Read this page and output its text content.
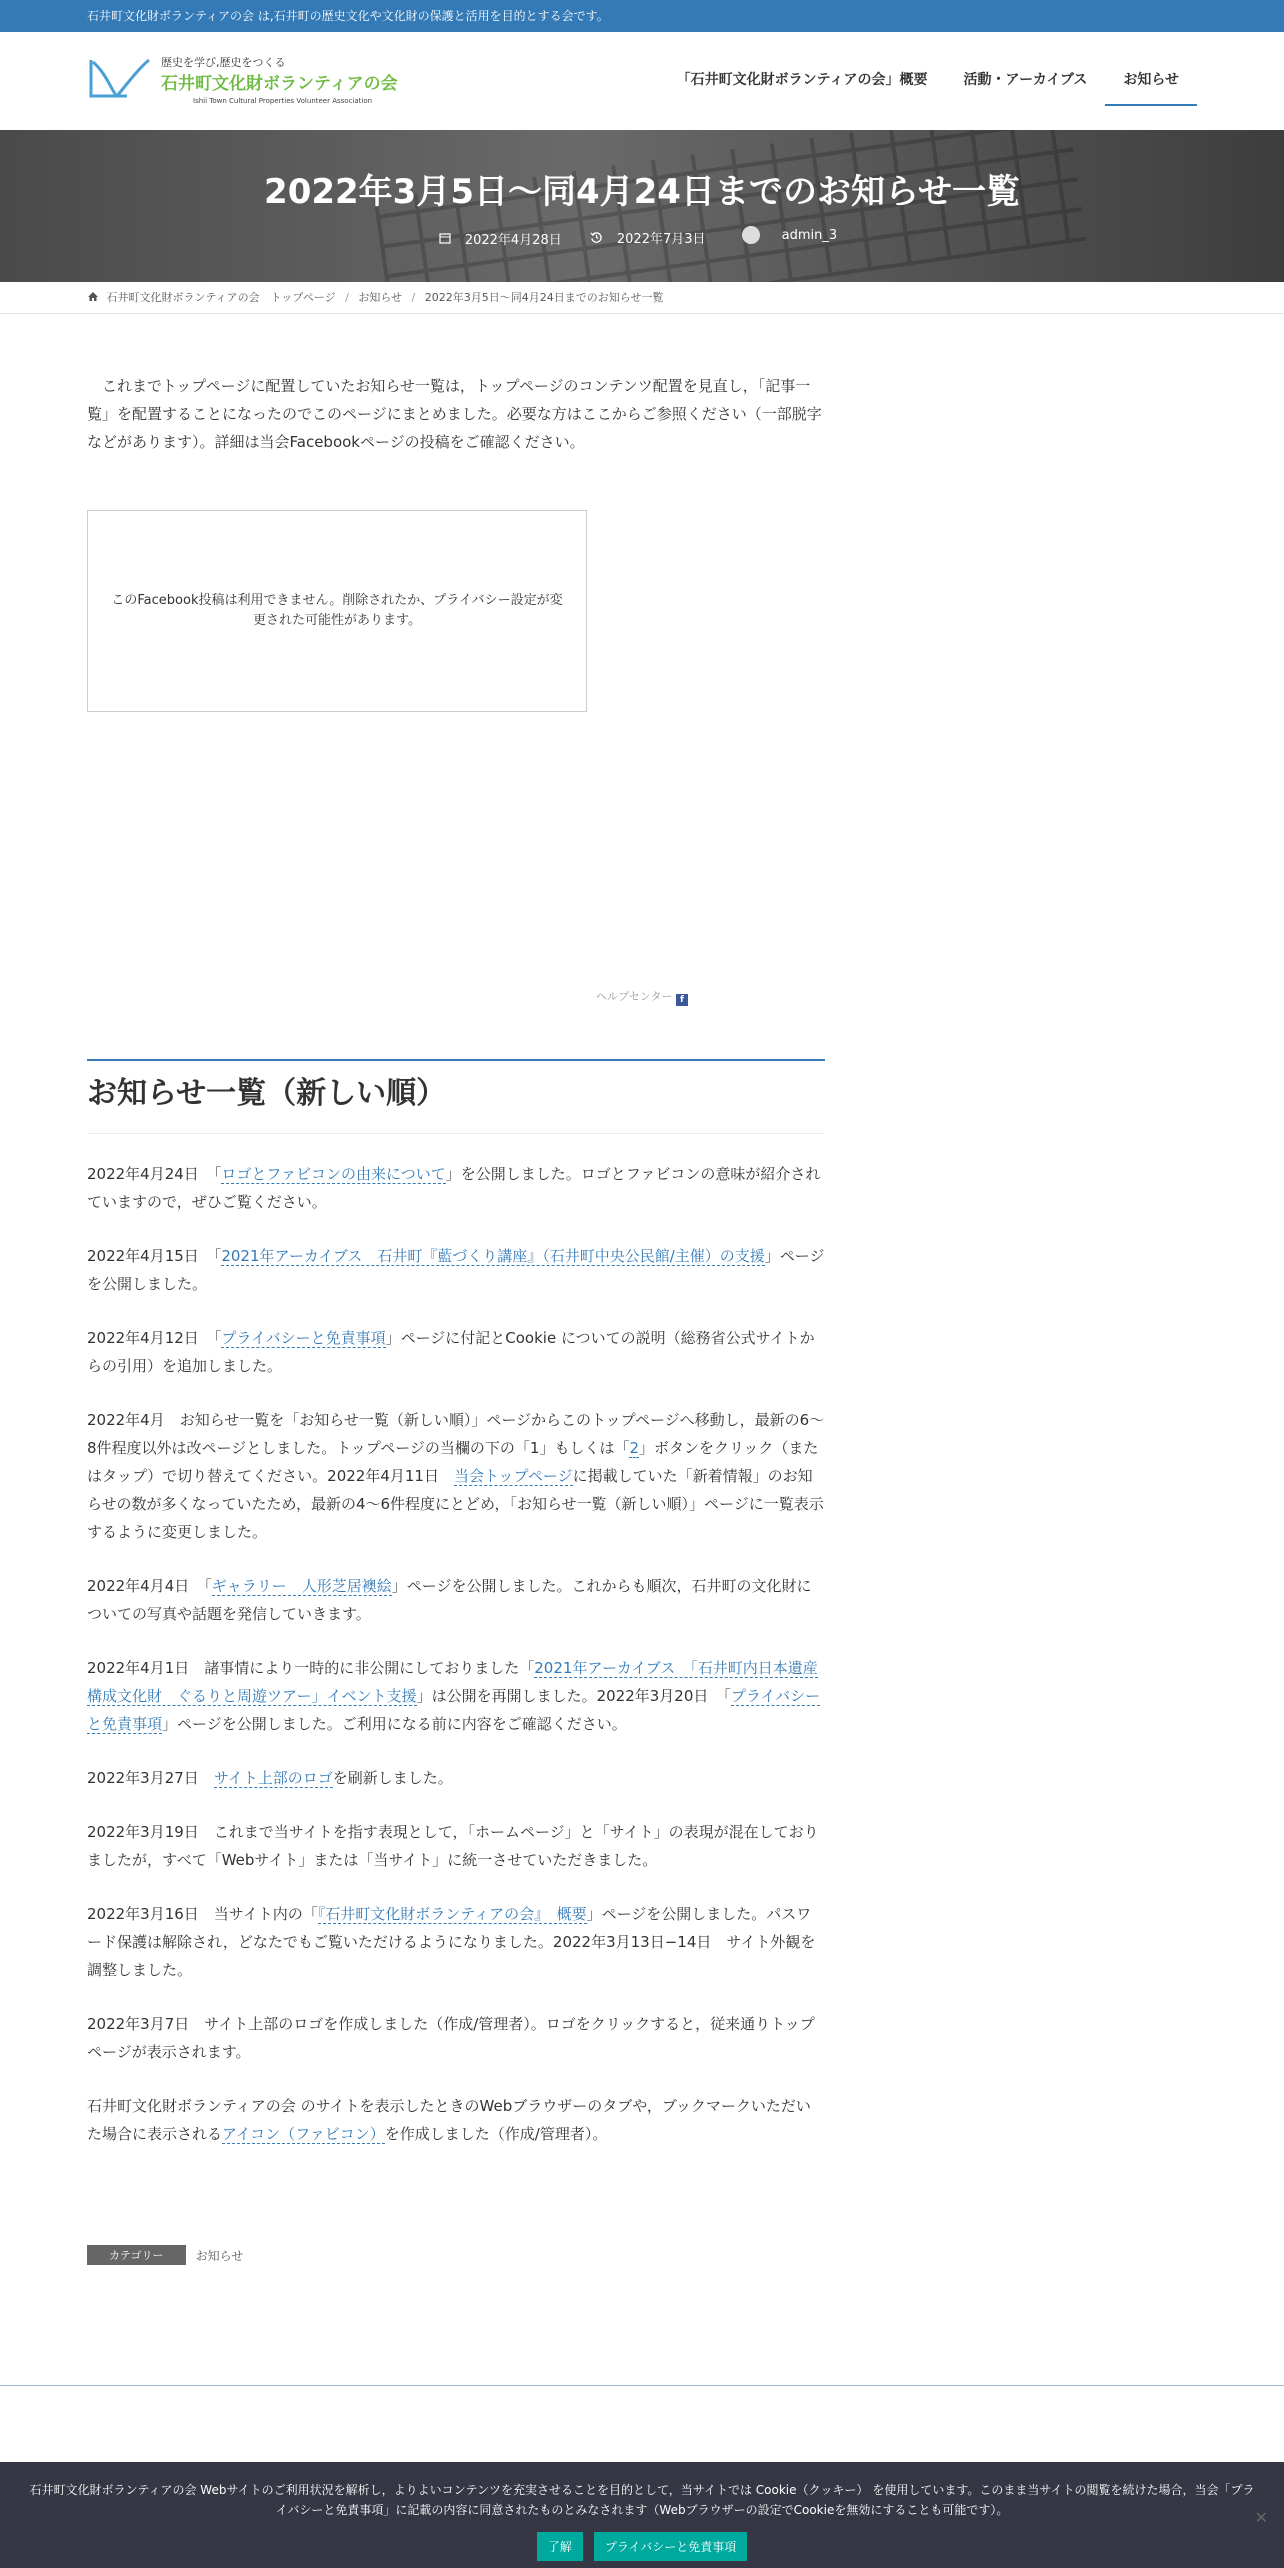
石井町文化財ボランティアの会 は,石井町の歴史文化や文化財の保護と活用を目的とする会です。
歴史を学び,歴史をつくる
石井町文化財ボランティアの会
Ishii Town Cultural Properties Volunteer Association
「石井町文化財ボランティアの会」概要	活動・アーカイブス	お知らせ
2022年3月5日～同4月24日までのお知らせ一覧
2022年4月28日
	2022年7月3日
	admin_3
石井町文化財ボランティアの会　トップページ / お知らせ / 2022年3月5日～同4月24日までのお知らせ一覧

　これまでトップページに配置していたお知らせ一覧は，トップページのコンテンツ配置を見直し，「記事一覧」を配置することになったのでこのページにまとめました。必要な方はここからご参照ください（一部脱字などがあります）。詳細は当会Facebookページの投稿をご確認ください。

このFacebook投稿は利用できません。削除されたか、プライバシー設定が変更された可能性があります。
ヘルプセンター f
お知らせ一覧（新しい順）

2022年4月24日　「ロゴとファビコンの由来について」を公開しました。ロゴとファビコンの意味が紹介されていますので，ぜひご覧ください。

2022年4月15日　「2021年アーカイブス　石井町『藍づくり講座』（石井町中央公民館/主催）の支援」ページを公開しました。

2022年4月12日　「プライバシーと免責事項」ページに付記とCookie についての説明（総務省公式サイトからの引用）を追加しました。

2022年4月　お知らせ一覧を「お知らせ一覧（新しい順）」ページからこのトップページへ移動し，最新の6～8件程度以外は改ページとしました。トップページの当欄の下の「1」もしくは「2」ボタンをクリック（またはタップ）で切り替えてください。2022年4月11日　当会トップページに掲載していた「新着情報」のお知らせの数が多くなっていたため，最新の4～6件程度にとどめ，「お知らせ一覧（新しい順）」ページに一覧表示するように変更しました。

2022年4月4日　「ギャラリー　人形芝居襖絵」ページを公開しました。これからも順次，石井町の文化財についての写真や話題を発信していきます。

2022年4月1日　諸事情により一時的に非公開にしておりました「2021年アーカイブス　「石井町内日本遺産構成文化財　ぐるりと周遊ツアー」イベント支援」は公開を再開しました。2022年3月20日　「プライバシーと免責事項」ページを公開しました。ご利用になる前に内容をご確認ください。

2022年3月27日　サイト上部のロゴを刷新しました。

2022年3月19日　これまで当サイトを指す表現として，「ホームページ」と「サイト」の表現が混在しておりましたが，すべて「Webサイト」または「当サイト」に統一させていただきました。

2022年3月16日　当サイト内の「『石井町文化財ボランティアの会』　概要」ページを公開しました。パスワード保護は解除され，どなたでもご覧いただけるようになりました。2022年3月13日−14日　サイト外観を調整しました。

2022年3月7日　サイト上部のロゴを作成しました（作成/管理者）。ロゴをクリックすると，従来通りトップページが表示されます。

石井町文化財ボランティアの会 のサイトを表示したときのWebブラウザーのタブや，ブックマークいただいた場合に表示されるアイコン（ファビコン）を作成しました（作成/管理者）。

カテゴリー	お知らせ
石井町文化財ボランティアの会 Webサイトのご利用状況を解析し，よりよいコンテンツを充実させることを目的として，当サイトでは Cookie（クッキー） を使用しています。このまま当サイトの閲覧を続けた場合，当会「プライバシーと免責事項」に記載の内容に同意されたものとみなされます（Webブラウザーの設定でCookieを無効にすることも可能です）。
了解	プライバシーと免責事項
✕
